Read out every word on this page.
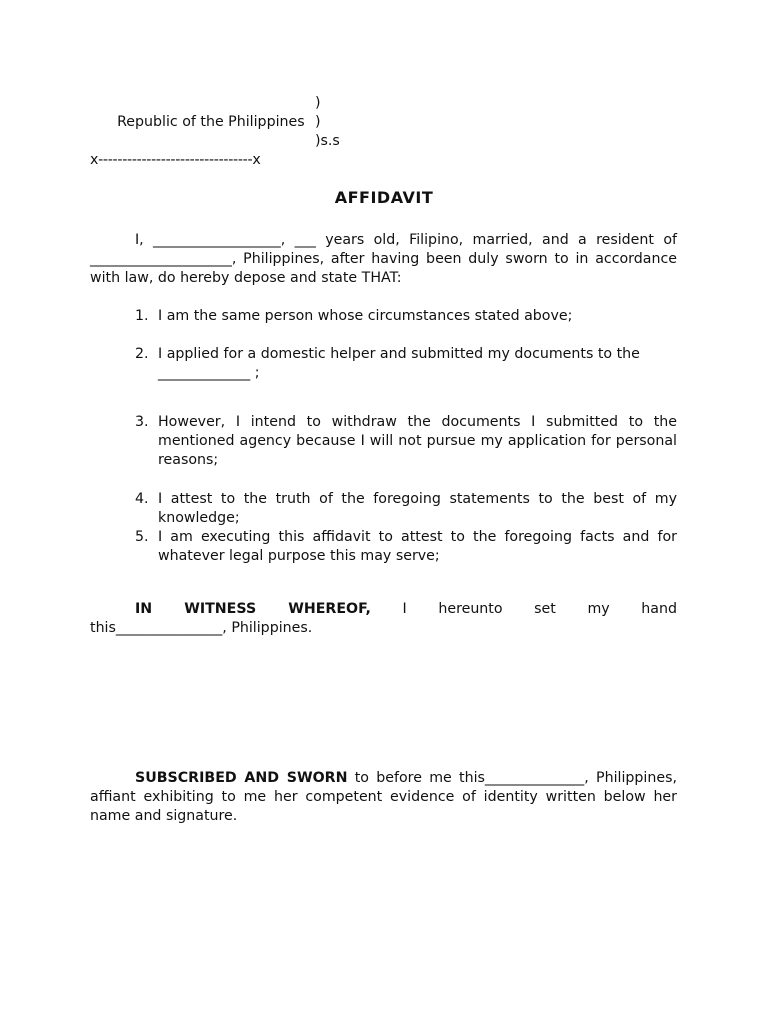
Republic of the Philippines

)

)

)s.s

x--------------------------------x
AFFIDAVIT
I, __________________, ___ years old, Filipino, married, and a resident of ____________________, Philippines, after having been duly sworn to in accordance with law, do hereby depose and state THAT:
1. I am the same person whose circumstances stated above;
2. I applied for a domestic helper and submitted my documents to the
_____________ ;
3. However, I intend to withdraw the documents I submitted to the mentioned agency because I will not pursue my application for personal reasons;
4. I attest to the truth of the foregoing statements to the best of my knowledge;
5. I am executing this affidavit to attest to the foregoing facts and for whatever legal purpose this may serve;
IN WITNESS WHEREOF, I hereunto set my hand
this_______________, Philippines.
SUBSCRIBED AND SWORN to before me this______________, Philippines, affiant exhibiting to me her competent evidence of identity written below her name and signature.
